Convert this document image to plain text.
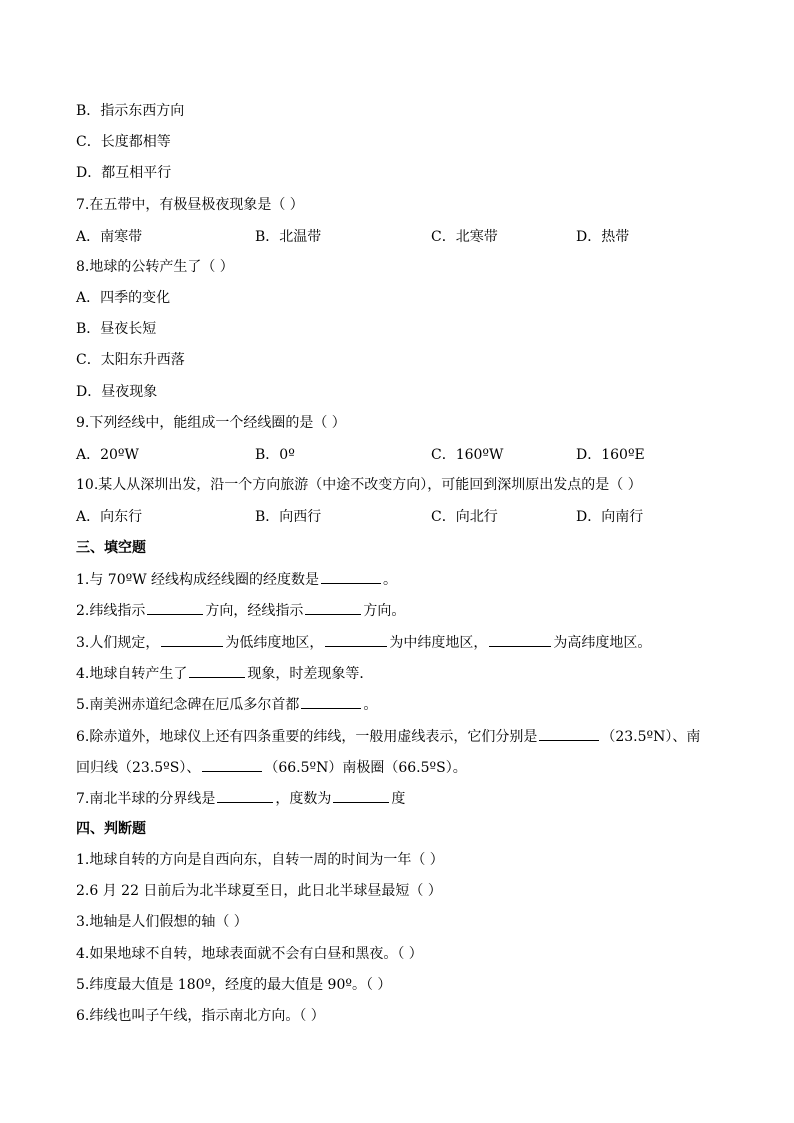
B．指示东西方向
C．长度都相等
D．都互相平行
7.在五带中，有极昼极夜现象是（ ）
A．南寒带	B．北温带	C．北寒带	D．热带
8.地球的公转产生了（ ）
A．四季的变化
B．昼夜长短
C．太阳东升西落
D．昼夜现象
9.下列经线中，能组成一个经线圈的是（ ）
A．20ºW	B．0º	C．160ºW	D．160ºE
10.某人从深圳出发，沿一个方向旅游（中途不改变方向），可能回到深圳原出发点的是（ ）
A．向东行	B．向西行	C．向北行	D．向南行
三、填空题
1.与 70ºW 经线构成经线圈的经度数是	。
2.纬线指示	方向，经线指示	方向。
3.人们规定，	为低纬度地区，	为中纬度地区，	为高纬度地区。
4.地球自转产生了	现象，时差现象等．
5.南美洲赤道纪念碑在厄瓜多尔首都	。
6.除赤道外，地球仪上还有四条重要的纬线，一般用虚线表示，它们分别是	（23.5ºN）、南
回归线（23.5ºS）、	（66.5ºN）南极圈（66.5ºS）。
7.南北半球的分界线是	，度数为	度
四、判断题
1.地球自转的方向是自西向东，自转一周的时间为一年（ ）
2.6 月 22 日前后为北半球夏至日，此日北半球昼最短（ ）
3.地轴是人们假想的轴（ ）
4.如果地球不自转，地球表面就不会有白昼和黑夜。（ ）
5.纬度最大值是 180º，经度的最大值是 90º。（ ）
6.纬线也叫子午线，指示南北方向。（ ）
